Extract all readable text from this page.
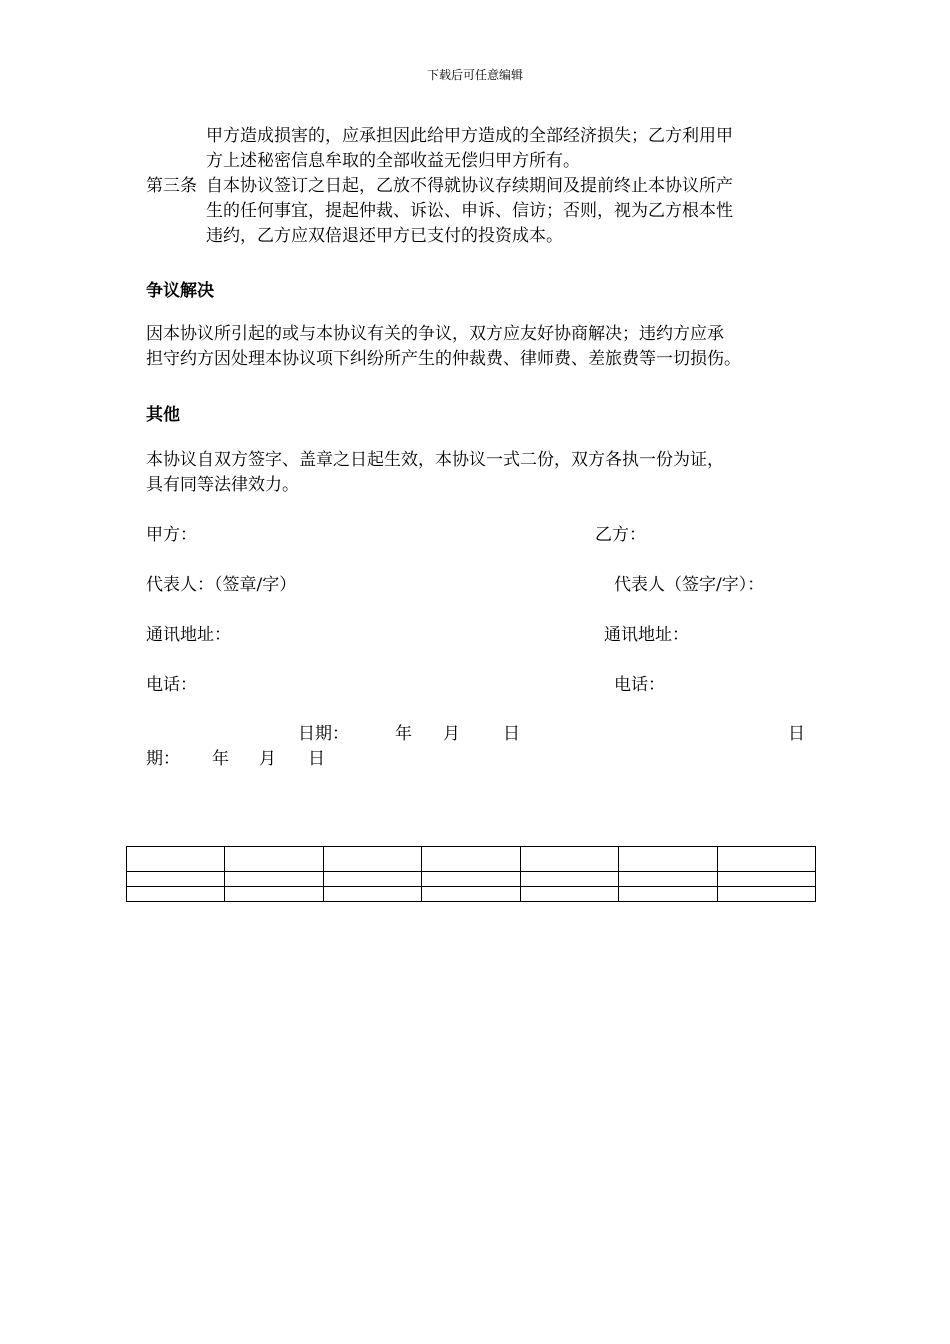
下载后可任意编辑
甲方造成损害的，应承担因此给甲方造成的全部经济损失；乙方利用甲
方上述秘密信息牟取的全部收益无偿归甲方所有。
第三条 自本协议签订之日起，乙放不得就协议存续期间及提前终止本协议所产
生的任何事宜，提起仲裁、诉讼、申诉、信访；否则，视为乙方根本性
违约，乙方应双倍退还甲方已支付的投资成本。
争议解决
因本协议所引起的或与本协议有关的争议，双方应友好协商解决；违约方应承
担守约方因处理本协议项下纠纷所产生的仲裁费、律师费、差旅费等一切损伤。
其他
本协议自双方签字、盖章之日起生效，本协议一式二份，双方各执一份为证，
具有同等法律效力。
甲方：	乙方：
代表人：（签章/字）	代表人（签字/字）：
通讯地址：	通讯地址：
电话：	电话：
日期：	年 月	日	日
期： 年 月 日
